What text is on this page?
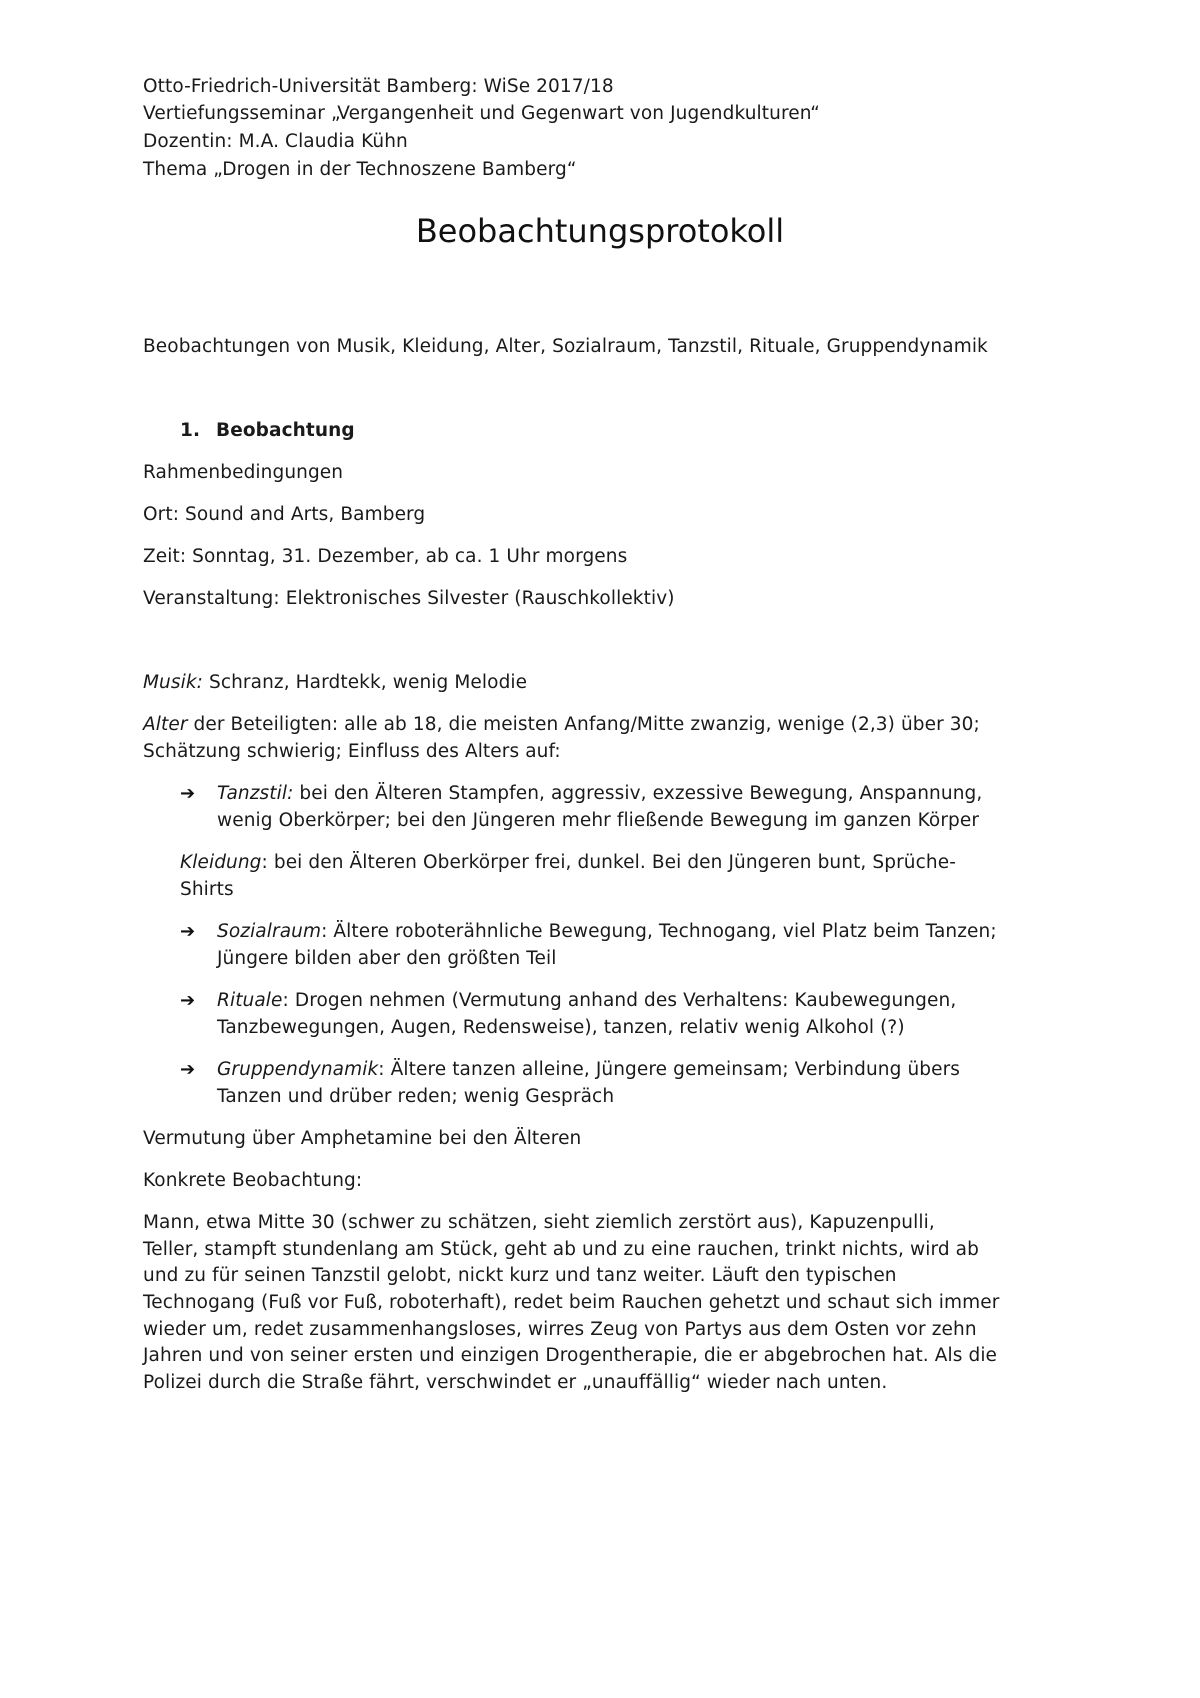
Otto-Friedrich-Universität Bamberg: WiSe 2017/18
Vertiefungsseminar „Vergangenheit und Gegenwart von Jugendkulturen“
Dozentin: M.A. Claudia Kühn
Thema „Drogen in der Technoszene Bamberg“
Beobachtungsprotokoll
Beobachtungen von Musik, Kleidung, Alter, Sozialraum, Tanzstil, Rituale, Gruppendynamik
1. Beobachtung
Rahmenbedingungen
Ort: Sound and Arts, Bamberg
Zeit: Sonntag, 31. Dezember, ab ca. 1 Uhr morgens
Veranstaltung: Elektronisches Silvester (Rauschkollektiv)
Musik: Schranz, Hardtekk, wenig Melodie
Alter der Beteiligten: alle ab 18, die meisten Anfang/Mitte zwanzig, wenige (2,3) über 30;
Schätzung schwierig; Einfluss des Alters auf:
➔ Tanzstil: bei den Älteren Stampfen, aggressiv, exzessive Bewegung, Anspannung,
wenig Oberkörper; bei den Jüngeren mehr fließende Bewegung im ganzen Körper
Kleidung: bei den Älteren Oberkörper frei, dunkel. Bei den Jüngeren bunt, Sprüche-
Shirts
➔ Sozialraum: Ältere roboterähnliche Bewegung, Technogang, viel Platz beim Tanzen;
Jüngere bilden aber den größten Teil
➔ Rituale: Drogen nehmen (Vermutung anhand des Verhaltens: Kaubewegungen,
Tanzbewegungen, Augen, Redensweise), tanzen, relativ wenig Alkohol (?)
➔ Gruppendynamik: Ältere tanzen alleine, Jüngere gemeinsam; Verbindung übers
Tanzen und drüber reden; wenig Gespräch
Vermutung über Amphetamine bei den Älteren
Konkrete Beobachtung:
Mann, etwa Mitte 30 (schwer zu schätzen, sieht ziemlich zerstört aus), Kapuzenpulli,
Teller, stampft stundenlang am Stück, geht ab und zu eine rauchen, trinkt nichts, wird ab
und zu für seinen Tanzstil gelobt, nickt kurz und tanz weiter. Läuft den typischen
Technogang (Fuß vor Fuß, roboterhaft), redet beim Rauchen gehetzt und schaut sich immer
wieder um, redet zusammenhangsloses, wirres Zeug von Partys aus dem Osten vor zehn
Jahren und von seiner ersten und einzigen Drogentherapie, die er abgebrochen hat. Als die
Polizei durch die Straße fährt, verschwindet er „unauffällig“ wieder nach unten.
